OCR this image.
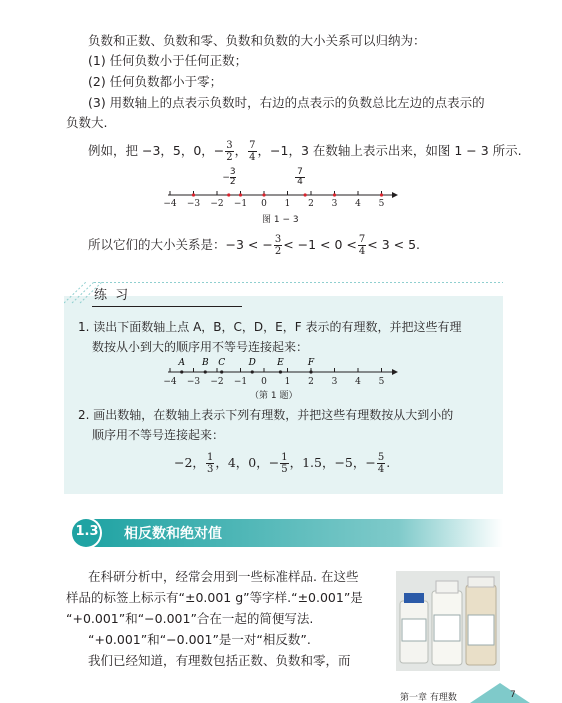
负数和正数、负数和零、负数和负数的大小关系可以归纳为：
(1) 任何负数小于任何正数；
(2) 任何负数都小于零；
(3) 用数轴上的点表示负数时，右边的点表示的负数总比左边的点表示的
负数大.
例如，把 −3，5，0，− $\frac{3}{2}$ ， $\frac{7}{4}$ ，−1，3 在数轴上表示出来，如图 1 − 3 所示.
−4 −3 −2 −1 0 1 2 3 4 5
− $\frac{3}{2}$	7
4
图 1 − 3
所以它们的大小关系是：−3 < − $\frac{3}{2} < -1 < 0 < \frac{7}{4} < 3 < 5$.
练 习
1. 读出下面数轴上点 A，B，C，D，E，F 表示的有理数，并把这些有理
数按从小到大的顺序用不等号连接起来：
−4 −3 −2 −1 0 1 2 3 4 5
A B C	D E	F
（第 1 题）
2. 画出数轴，在数轴上表示下列有理数，并把这些有理数按从大到小的
顺序用不等号连接起来：
−2， $\frac{1}{3}$ ，4，0，− $\frac{1}{5}$ ，1.5，−5，− $\frac{5}{4}$ .
1.3	相反数和绝对值
在科研分析中，经常会用到一些标准样品. 在这些
样品的标签上标示有“±0.001 g”等字样.“±0.001”是
“+0.001”和“−0.001”合在一起的简便写法.
“+0.001”和“−0.001”是一对“相反数”.
我们已经知道，有理数包括正数、负数和零，而
第一章 有理数	7
